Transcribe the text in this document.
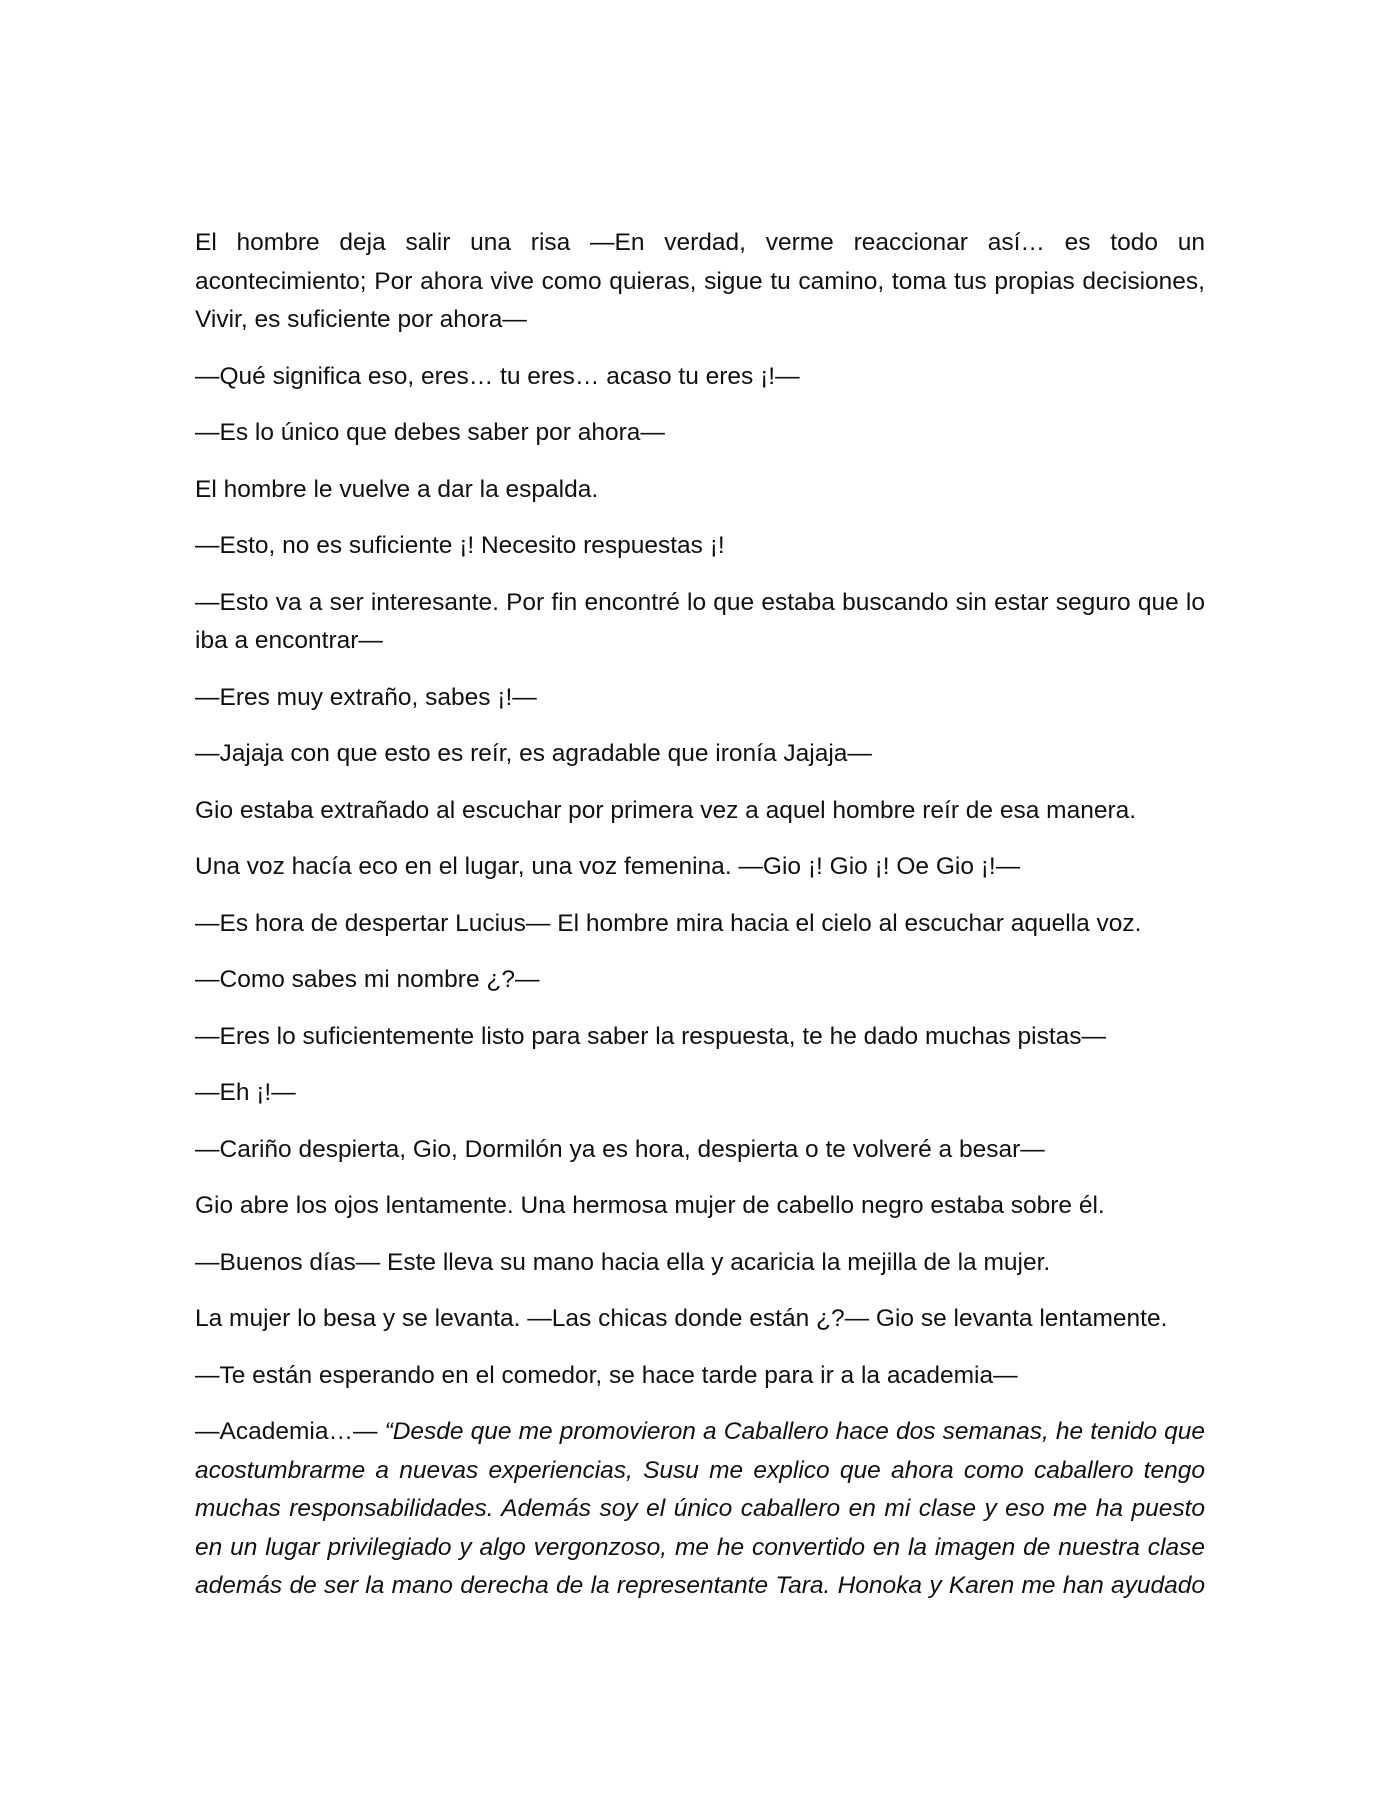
El hombre deja salir una risa —En verdad, verme reaccionar así… es todo un acontecimiento; Por ahora vive como quieras, sigue tu camino, toma tus propias decisiones, Vivir, es suficiente por ahora—

—Qué significa eso, eres… tu eres… acaso tu eres ¡!—

—Es lo único que debes saber por ahora—

El hombre le vuelve a dar la espalda.

—Esto, no es suficiente ¡! Necesito respuestas ¡!

—Esto va a ser interesante. Por fin encontré lo que estaba buscando sin estar seguro que lo iba a encontrar—

—Eres muy extraño, sabes ¡!—

—Jajaja con que esto es reír, es agradable que ironía Jajaja—

Gio estaba extrañado al escuchar por primera vez a aquel hombre reír de esa manera.

Una voz hacía eco en el lugar, una voz femenina. —Gio ¡! Gio ¡! Oe Gio ¡!—

—Es hora de despertar Lucius— El hombre mira hacia el cielo al escuchar aquella voz.

—Como sabes mi nombre ¿?—

—Eres lo suficientemente listo para saber la respuesta, te he dado muchas pistas—

—Eh ¡!—

—Cariño despierta, Gio, Dormilón ya es hora, despierta o te volveré a besar—

Gio abre los ojos lentamente. Una hermosa mujer de cabello negro estaba sobre él.

—Buenos días— Este lleva su mano hacia ella y acaricia la mejilla de la mujer.

La mujer lo besa y se levanta. —Las chicas donde están ¿?— Gio se levanta lentamente.

—Te están esperando en el comedor, se hace tarde para ir a la academia—

—Academia…— “Desde que me promovieron a Caballero hace dos semanas, he tenido que acostumbrarme a nuevas experiencias, Susu me explico que ahora como caballero tengo muchas responsabilidades. Además soy el único caballero en mi clase y eso me ha puesto en un lugar privilegiado y algo vergonzoso, me he convertido en la imagen de nuestra clase además de ser la mano derecha de la representante Tara. Honoka y Karen me han ayudado
